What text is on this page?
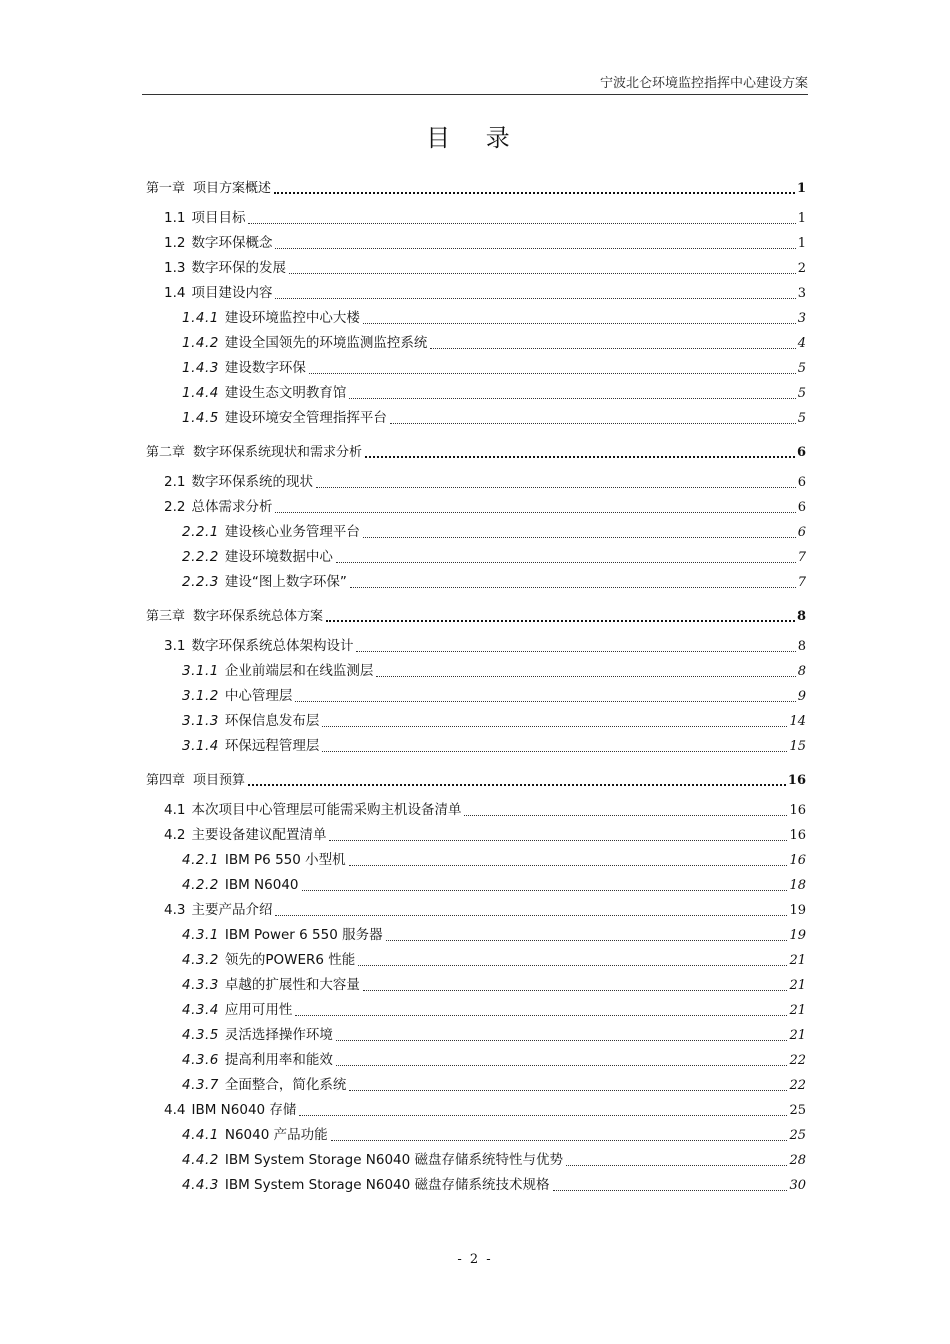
宁波北仑环境监控指挥中心建设方案
目 录
第一章 项目方案概述	1
1.1 项目目标	1
1.2 数字环保概念	1
1.3 数字环保的发展	2
1.4 项目建设内容	3
1.4.1 建设环境监控中心大楼	3
1.4.2 建设全国领先的环境监测监控系统	4
1.4.3 建设数字环保	5
1.4.4 建设生态文明教育馆	5
1.4.5 建设环境安全管理指挥平台	5
第二章 数字环保系统现状和需求分析	6
2.1 数字环保系统的现状	6
2.2 总体需求分析	6
2.2.1 建设核心业务管理平台	6
2.2.2 建设环境数据中心	7
2.2.3 建设“图上数字环保”	7
第三章 数字环保系统总体方案	8
3.1 数字环保系统总体架构设计	8
3.1.1 企业前端层和在线监测层	8
3.1.2 中心管理层	9
3.1.3 环保信息发布层	14
3.1.4 环保远程管理层	15
第四章 项目预算	16
4.1 本次项目中心管理层可能需采购主机设备清单	16
4.2 主要设备建议配置清单	16
4.2.1 IBM P6 550 小型机	16
4.2.2 IBM N6040	18
4.3 主要产品介绍	19
4.3.1 IBM Power 6 550 服务器	19
4.3.2 领先的POWER6 性能	21
4.3.3 卓越的扩展性和大容量	21
4.3.4 应用可用性	21
4.3.5 灵活选择操作环境	21
4.3.6 提高利用率和能效	22
4.3.7 全面整合，简化系统	22
4.4 IBM N6040 存储	25
4.4.1 N6040 产品功能	25
4.4.2 IBM System Storage N6040 磁盘存储系统特性与优势	28
4.4.3 IBM System Storage N6040 磁盘存储系统技术规格	30
- 2 -
